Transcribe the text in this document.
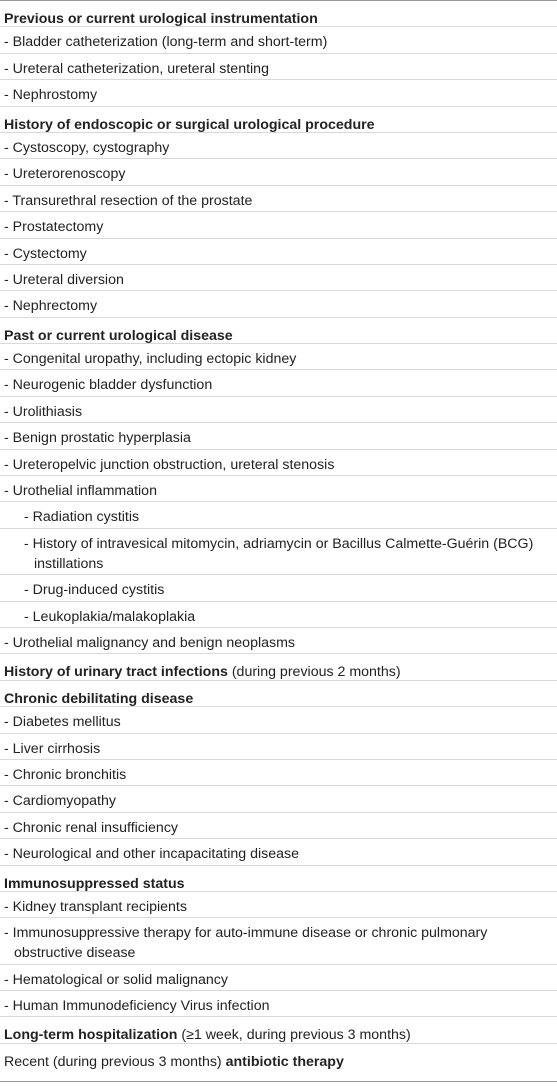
Previous or current urological instrumentation
- Bladder catheterization (long-term and short-term)
- Ureteral catheterization, ureteral stenting
- Nephrostomy
History of endoscopic or surgical urological procedure
- Cystoscopy, cystography
- Ureterorenoscopy
- Transurethral resection of the prostate
- Prostatectomy
- Cystectomy
- Ureteral diversion
- Nephrectomy
Past or current urological disease
- Congenital uropathy, including ectopic kidney
- Neurogenic bladder dysfunction
- Urolithiasis
- Benign prostatic hyperplasia
- Ureteropelvic junction obstruction, ureteral stenosis
- Urothelial inflammation
- Radiation cystitis
- History of intravesical mitomycin, adriamycin or Bacillus Calmette-Guérin (BCG) instillations
- Drug-induced cystitis
- Leukoplakia/malakoplakia
- Urothelial malignancy and benign neoplasms
History of urinary tract infections (during previous 2 months)
Chronic debilitating disease
- Diabetes mellitus
- Liver cirrhosis
- Chronic bronchitis
- Cardiomyopathy
- Chronic renal insufficiency
- Neurological and other incapacitating disease
Immunosuppressed status
- Kidney transplant recipients
- Immunosuppressive therapy for auto-immune disease or chronic pulmonary obstructive disease
- Hematological or solid malignancy
- Human Immunodeficiency Virus infection
Long-term hospitalization (≥1 week, during previous 3 months)
Recent (during previous 3 months) antibiotic therapy
